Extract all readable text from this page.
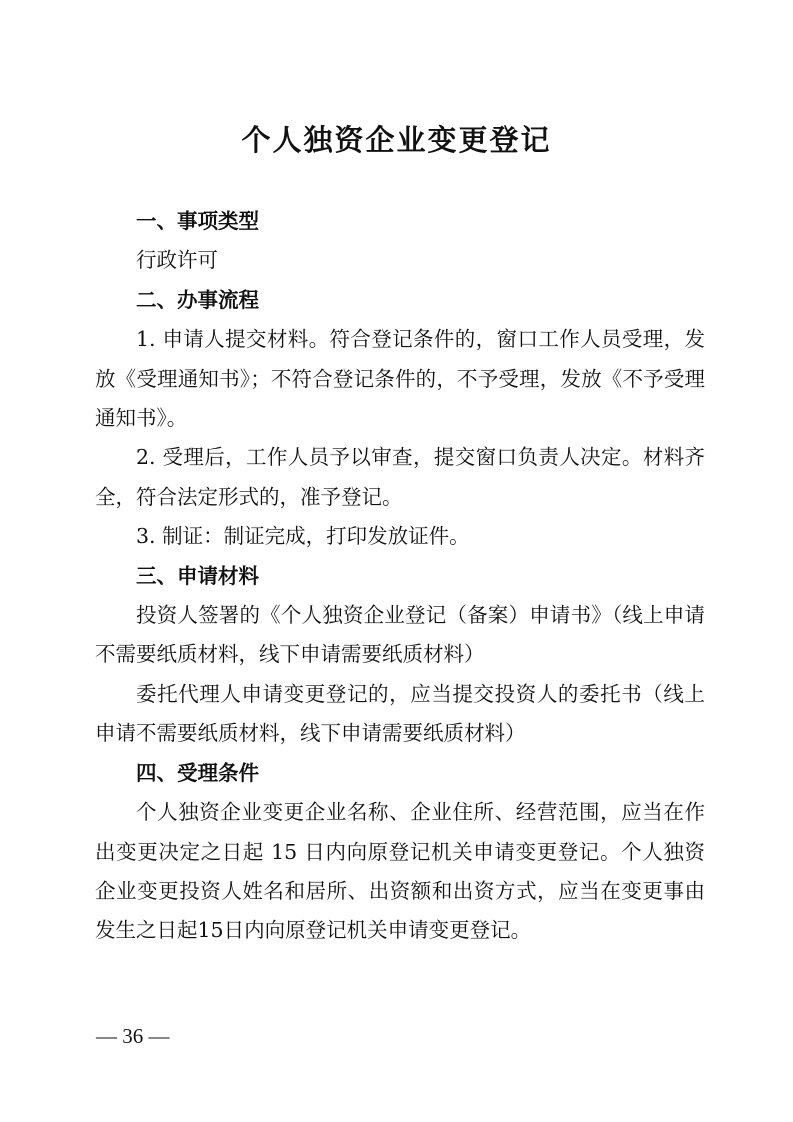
个人独资企业变更登记
一、事项类型

行政许可

二、办事流程

1. 申请人提交材料。符合登记条件的，窗口工作人员受理，发放《受理通知书》；不符合登记条件的，不予受理，发放《不予受理通知书》。

2. 受理后，工作人员予以审查，提交窗口负责人决定。材料齐全，符合法定形式的，准予登记。

3. 制证：制证完成，打印发放证件。

三、申请材料

投资人签署的《个人独资企业登记（备案）申请书》（线上申请不需要纸质材料，线下申请需要纸质材料）

委托代理人申请变更登记的，应当提交投资人的委托书（线上申请不需要纸质材料，线下申请需要纸质材料）

四、受理条件

个人独资企业变更企业名称、企业住所、经营范围，应当在作出变更决定之日起 15 日内向原登记机关申请变更登记。个人独资企业变更投资人姓名和居所、出资额和出资方式，应当在变更事由发生之日起15日内向原登记机关申请变更登记。

— 36 —
